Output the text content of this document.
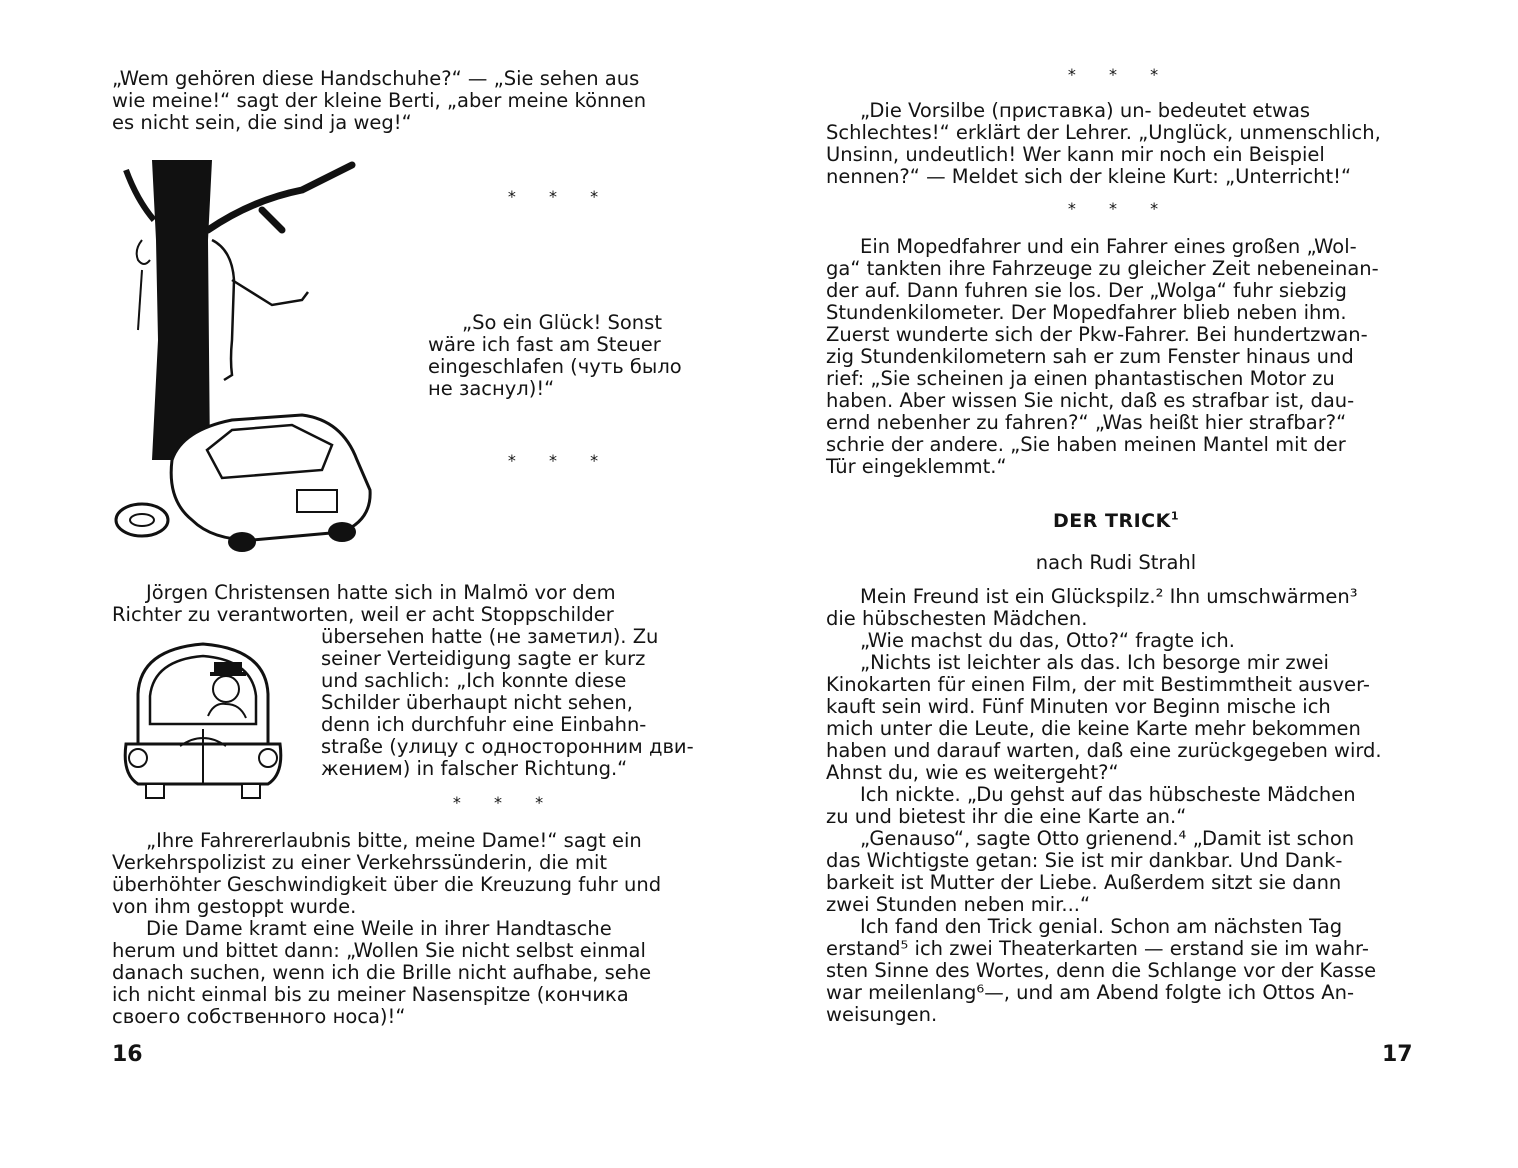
„Wem gehören diese Handschuhe?“ — „Sie sehen aus

wie meine!“ sagt der kleine Berti, „aber meine können

es nicht sein, die sind ja weg!“

* * *

„So ein Glück! Sonst

wäre ich fast am Steuer

eingeschlafen (чуть было

не заснул)!“

* * *

Jörgen Christensen hatte sich in Malmö vor dem

Richter zu verantworten, weil er acht Stoppschilder

übersehen hatte (не заметил). Zu

seiner Verteidigung sagte er kurz

und sachlich: „Ich konnte diese

Schilder überhaupt nicht sehen,

denn ich durchfuhr eine Einbahn-

straße (улицу с односторонним дви-

жением) in falscher Richtung.“

* * *

„Ihre Fahrererlaubnis bitte, meine Dame!“ sagt ein

Verkehrspolizist zu einer Verkehrssünderin, die mit

überhöhter Geschwindigkeit über die Kreuzung fuhr und

von ihm gestoppt wurde.

Die Dame kramt eine Weile in ihrer Handtasche

herum und bittet dann: „Wollen Sie nicht selbst einmal

danach suchen, wenn ich die Brille nicht aufhabe, sehe

ich nicht einmal bis zu meiner Nasenspitze (кончика

своего собственного носа)!“

16
* * *

„Die Vorsilbe (приставка) un- bedeutet etwas

Schlechtes!“ erklärt der Lehrer. „Unglück, unmenschlich,

Unsinn, undeutlich! Wer kann mir noch ein Beispiel

nennen?“ — Meldet sich der kleine Kurt: „Unterricht!“

* * *

Ein Mopedfahrer und ein Fahrer eines großen „Wol-

ga“ tankten ihre Fahrzeuge zu gleicher Zeit nebeneinan-

der auf. Dann fuhren sie los. Der „Wolga“ fuhr siebzig

Stundenkilometer. Der Mopedfahrer blieb neben ihm.

Zuerst wunderte sich der Pkw-Fahrer. Bei hundertzwan-

zig Stundenkilometern sah er zum Fenster hinaus und

rief: „Sie scheinen ja einen phantastischen Motor zu

haben. Aber wissen Sie nicht, daß es strafbar ist, dau-

ernd nebenher zu fahren?“ „Was heißt hier strafbar?“

schrie der andere. „Sie haben meinen Mantel mit der

Tür eingeklemmt.“

DER TRICK$^1$
nach Rudi Strahl

Mein Freund ist ein Glückspilz.² Ihn umschwärmen³

die hübschesten Mädchen.

„Wie machst du das, Otto?“ fragte ich.

„Nichts ist leichter als das. Ich besorge mir zwei

Kinokarten für einen Film, der mit Bestimmtheit ausver-

kauft sein wird. Fünf Minuten vor Beginn mische ich

mich unter die Leute, die keine Karte mehr bekommen

haben und darauf warten, daß eine zurückgegeben wird.

Ahnst du, wie es weitergeht?“

Ich nickte. „Du gehst auf das hübscheste Mädchen

zu und bietest ihr die eine Karte an.“

„Genauso“, sagte Otto grienend.⁴ „Damit ist schon

das Wichtigste getan: Sie ist mir dankbar. Und Dank-

barkeit ist Mutter der Liebe. Außerdem sitzt sie dann

zwei Stunden neben mir...“

Ich fand den Trick genial. Schon am nächsten Tag

erstand⁵ ich zwei Theaterkarten — erstand sie im wahr-

sten Sinne des Wortes, denn die Schlange vor der Kasse

war meilenlang⁶—, und am Abend folgte ich Ottos An-

weisungen.

17
